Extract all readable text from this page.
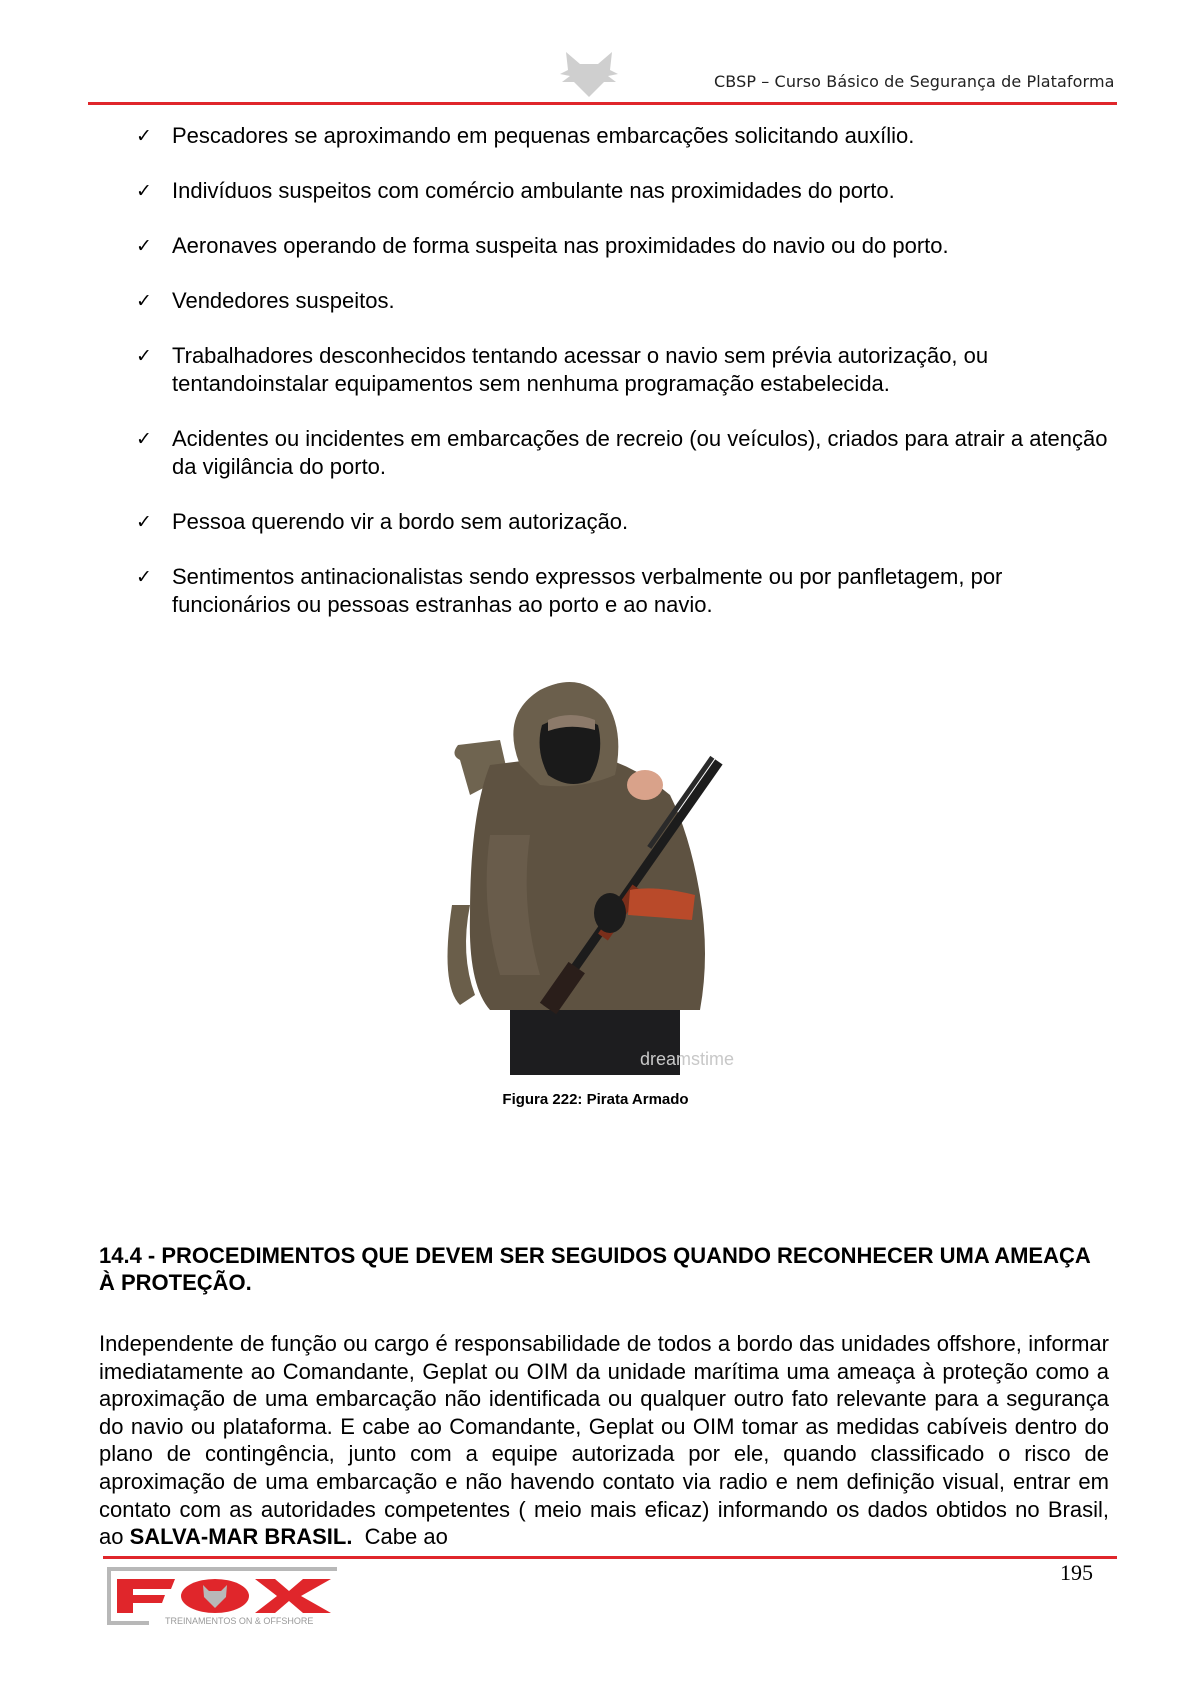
CBSP – Curso Básico de Segurança de Plataforma
✓ Pescadores se aproximando em pequenas embarcações solicitando auxílio.
✓ Indivíduos suspeitos com comércio ambulante nas proximidades do porto.
✓ Aeronaves operando de forma suspeita nas proximidades do navio ou do porto.
✓ Vendedores suspeitos.
✓ Trabalhadores desconhecidos tentando acessar o navio sem prévia autorização, ou tentandoinstalar equipamentos sem nenhuma programação estabelecida.
✓ Acidentes ou incidentes em embarcações de recreio (ou veículos), criados para atrair a atenção da vigilância do porto.
✓ Pessoa querendo vir a bordo sem autorização.
✓ Sentimentos antinacionalistas sendo expressos verbalmente ou por panfletagem, por funcionários ou pessoas estranhas ao porto e ao navio.
dreamstime
Figura 222: Pirata Armado
14.4 - PROCEDIMENTOS QUE DEVEM SER SEGUIDOS QUANDO RECONHECER UMA AMEAÇA À PROTEÇÃO.
Independente de função ou cargo é responsabilidade de todos a bordo das unidades offshore, informar imediatamente ao Comandante, Geplat ou OIM da unidade marítima uma ameaça à proteção como a aproximação de uma embarcação não identificada ou qualquer outro fato relevante para a segurança do navio ou plataforma. E cabe ao Comandante, Geplat ou OIM tomar as medidas cabíveis dentro do plano de contingência, junto com a equipe autorizada por ele, quando classificado o risco de aproximação de uma embarcação e não havendo contato via radio e nem definição visual, entrar em contato com as autoridades competentes ( meio mais eficaz) informando os dados obtidos no Brasil, ao SALVA-MAR BRASIL.  Cabe ao
195
TREINAMENTOS ON & OFFSHORE
